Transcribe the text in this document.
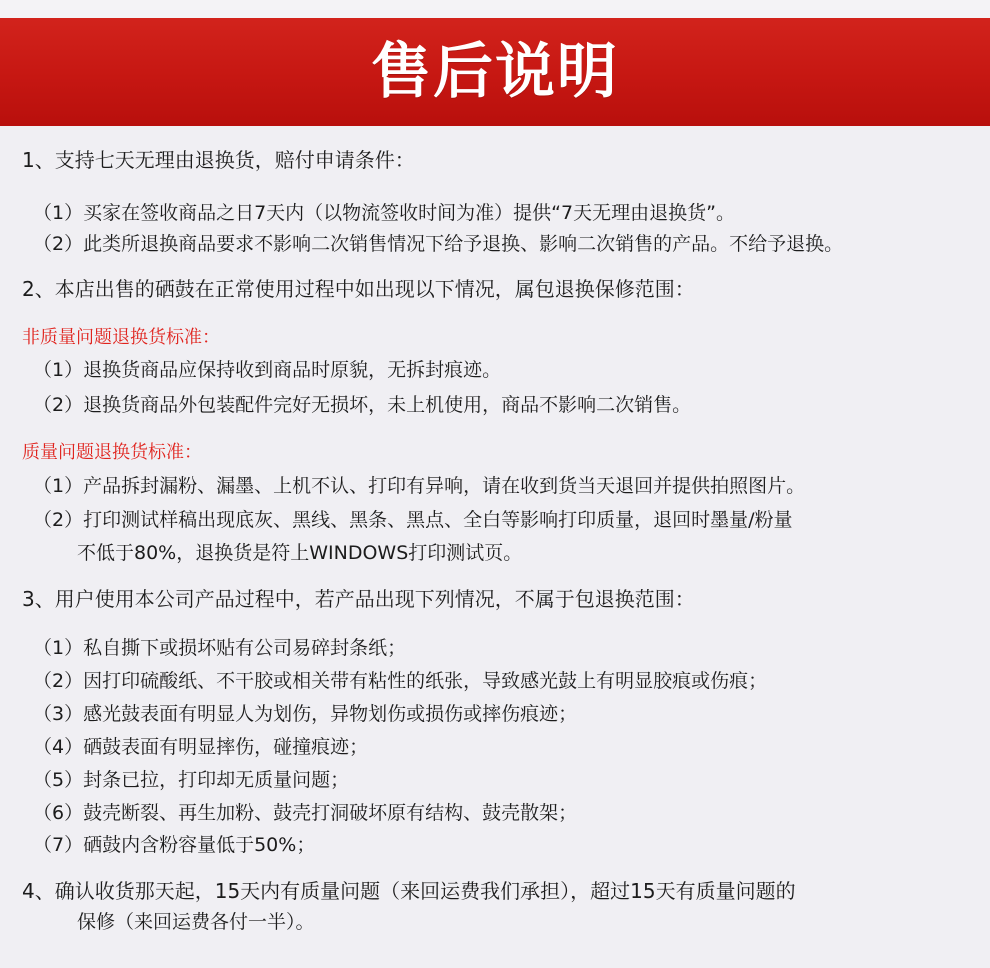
售后说明
1、支持七天无理由退换货，赔付申请条件：
（1）买家在签收商品之日7天内（以物流签收时间为准）提供“7天无理由退换货”。
（2）此类所退换商品要求不影响二次销售情况下给予退换、影响二次销售的产品。不给予退换。
2、本店出售的硒鼓在正常使用过程中如出现以下情况，属包退换保修范围：
非质量问题退换货标准：
（1）退换货商品应保持收到商品时原貌，无拆封痕迹。
（2）退换货商品外包装配件完好无损坏，未上机使用，商品不影响二次销售。
质量问题退换货标准：
（1）产品拆封漏粉、漏墨、上机不认、打印有异响，请在收到货当天退回并提供拍照图片。
（2）打印测试样稿出现底灰、黑线、黑条、黑点、全白等影响打印质量，退回时墨量/粉量
不低于80%，退换货是符上WINDOWS打印测试页。
3、用户使用本公司产品过程中，若产品出现下列情况，不属于包退换范围：
（1）私自撕下或损坏贴有公司易碎封条纸；
（2）因打印硫酸纸、不干胶或相关带有粘性的纸张，导致感光鼓上有明显胶痕或伤痕；
（3）感光鼓表面有明显人为划伤，异物划伤或损伤或摔伤痕迹；
（4）硒鼓表面有明显摔伤，碰撞痕迹；
（5）封条已拉，打印却无质量问题；
（6）鼓壳断裂、再生加粉、鼓壳打洞破坏原有结构、鼓壳散架；
（7）硒鼓内含粉容量低于50%；
4、确认收货那天起，15天内有质量问题（来回运费我们承担），超过15天有质量问题的
保修（来回运费各付一半）。
